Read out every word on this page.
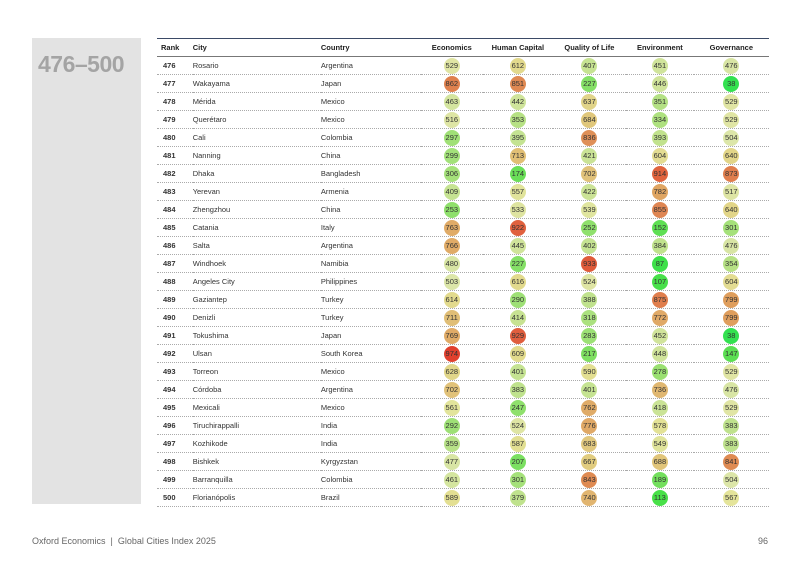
476–500
Rank	City	Country	Economics	Human Capital	Quality of Life	Environment	Governance
476	Rosario	Argentina	529	612	407	451	476
477	Wakayama	Japan	862	851	227	446	38
478	Mérida	Mexico	463	442	637	351	529
479	Querétaro	Mexico	516	353	684	334	529
480	Cali	Colombia	297	395	836	393	504
481	Nanning	China	299	713	421	604	640
482	Dhaka	Bangladesh	306	174	702	914	873
483	Yerevan	Armenia	409	557	422	782	517
484	Zhengzhou	China	253	533	539	855	640
485	Catania	Italy	763	922	252	152	301
486	Salta	Argentina	766	445	402	384	476
487	Windhoek	Namibia	480	227	933	87	354
488	Angeles City	Philippines	503	616	524	107	604
489	Gaziantep	Turkey	614	290	388	875	799
490	Denizli	Turkey	711	414	318	772	799
491	Tokushima	Japan	769	929	283	452	38
492	Ulsan	South Korea	974	609	217	448	147
493	Torreon	Mexico	628	401	590	278	529
494	Córdoba	Argentina	702	383	401	736	476
495	Mexicali	Mexico	561	247	762	418	529
496	Tiruchirappalli	India	292	524	776	578	383
497	Kozhikode	India	359	587	683	549	383
498	Bishkek	Kyrgyzstan	477	207	667	688	841
499	Barranquilla	Colombia	461	301	843	189	504
500	Florianópolis	Brazil	589	379	740	113	567
Oxford Economics | Global Cities Index 2025	96
